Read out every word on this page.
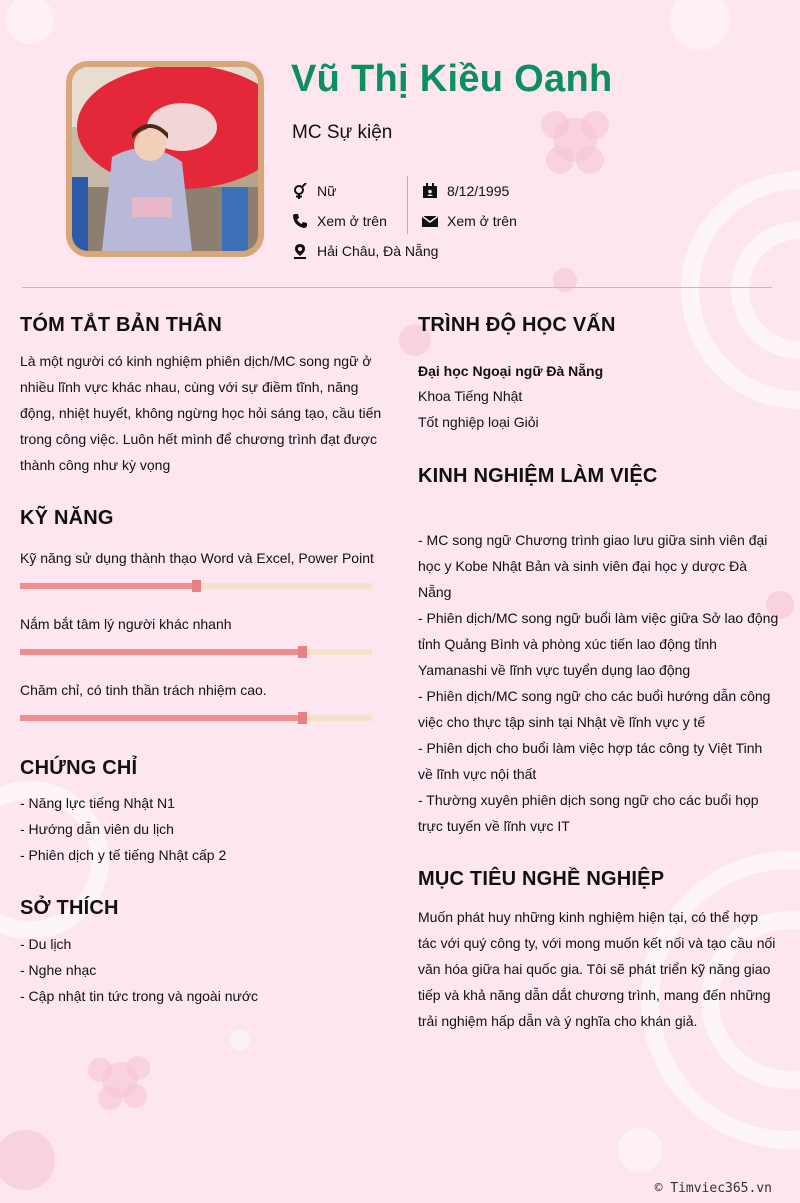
Vũ Thị Kiều Oanh
MC Sự kiện
Nữ
Xem ở trên
Hải Châu, Đà Nẵng
8/12/1995
Xem ở trên
TÓM TẮT BẢN THÂN
Là một người có kinh nghiệm phiên dịch/MC song ngữ ở
nhiều lĩnh vực khác nhau, cùng với sự điềm tĩnh, năng
động, nhiệt huyết, không ngừng học hỏi sáng tạo, cầu tiến
trong công việc. Luôn hết mình để chương trình đạt được
thành công như kỳ vọng
KỸ NĂNG
Kỹ năng sử dụng thành thạo Word và Excel, Power Point
Nắm bắt tâm lý người khác nhanh
Chăm chỉ, có tinh thần trách nhiệm cao.
CHỨNG CHỈ
- Năng lực tiếng Nhật N1
- Hướng dẫn viên du lịch
- Phiên dịch y tế tiếng Nhật cấp 2
SỞ THÍCH
- Du lịch
- Nghe nhạc
- Cập nhật tin tức trong và ngoài nước
TRÌNH ĐỘ HỌC VẤN
Đại học Ngoại ngữ Đà Nẵng
Khoa Tiếng Nhật
Tốt nghiệp loại Giỏi
KINH NGHIỆM LÀM VIỆC
- MC song ngữ Chương trình giao lưu giữa sinh viên đại
học y Kobe Nhật Bản và sinh viên đại học y dược Đà
Nẵng
- Phiên dịch/MC song ngữ buổi làm việc giữa Sở lao động
tỉnh Quảng Bình và phòng xúc tiến lao động tỉnh
Yamanashi về lĩnh vực tuyển dụng lao động
- Phiên dịch/MC song ngữ cho các buổi hướng dẫn công
việc cho thực tập sinh tại Nhật về lĩnh vực y tế
- Phiên dịch cho buổi làm việc hợp tác công ty Việt Tinh
về lĩnh vực nội thất
- Thường xuyên phiên dịch song ngữ cho các buổi họp
trực tuyến về lĩnh vực IT
MỤC TIÊU NGHỀ NGHIỆP
Muốn phát huy những kinh nghiệm hiện tại, có thể hợp
tác với quý công ty, với mong muốn kết nối và tạo cầu nối
văn hóa giữa hai quốc gia. Tôi sẽ phát triển kỹ năng giao
tiếp và khả năng dẫn dắt chương trình, mang đến những
trải nghiệm hấp dẫn và ý nghĩa cho khán giả.
© Timviec365.vn
